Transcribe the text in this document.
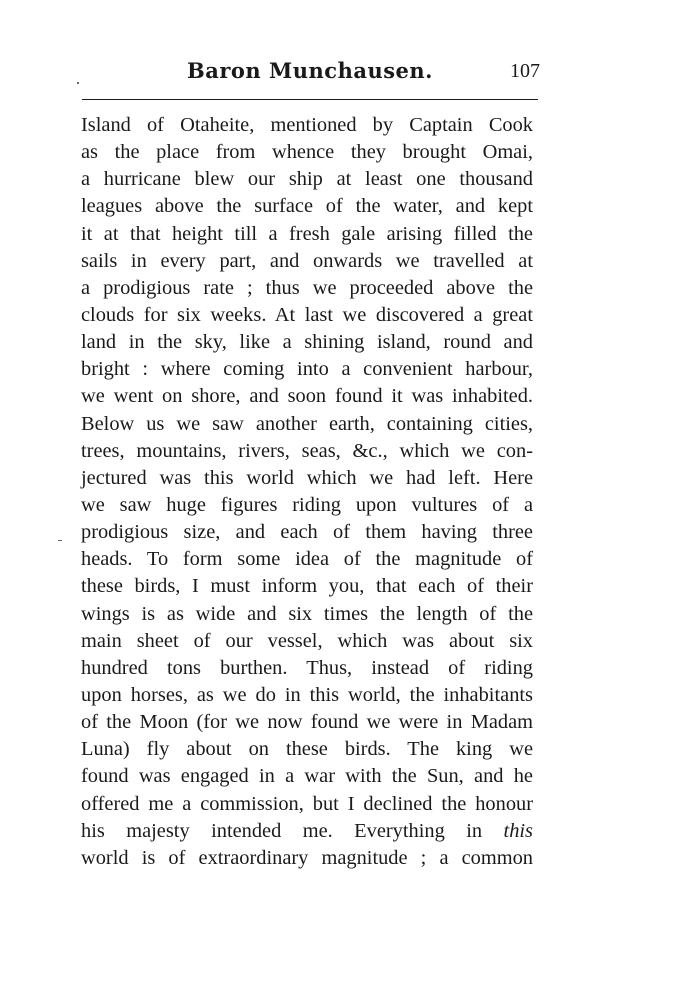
Baron Munchausen.	107
Island of Otaheite, mentioned by Captain Cook
as the place from whence they brought Omai,
a hurricane blew our ship at least one thousand
leagues above the surface of the water, and kept
it at that height till a fresh gale arising filled the
sails in every part, and onwards we travelled at
a prodigious rate ; thus we proceeded above the
clouds for six weeks. At last we discovered a great
land in the sky, like a shining island, round and
bright : where coming into a convenient harbour,
we went on shore, and soon found it was inhabited.
Below us we saw another earth, containing cities,
trees, mountains, rivers, seas, &c., which we con-
jectured was this world which we had left. Here
we saw huge figures riding upon vultures of a
prodigious size, and each of them having three
heads. To form some idea of the magnitude of
these birds, I must inform you, that each of their
wings is as wide and six times the length of the
main sheet of our vessel, which was about six
hundred tons burthen. Thus, instead of riding
upon horses, as we do in this world, the inhabitants
of the Moon (for we now found we were in Madam
Luna) fly about on these birds. The king we
found was engaged in a war with the Sun, and he
offered me a commission, but I declined the honour
his majesty intended me. Everything in this
world is of extraordinary magnitude ; a common
